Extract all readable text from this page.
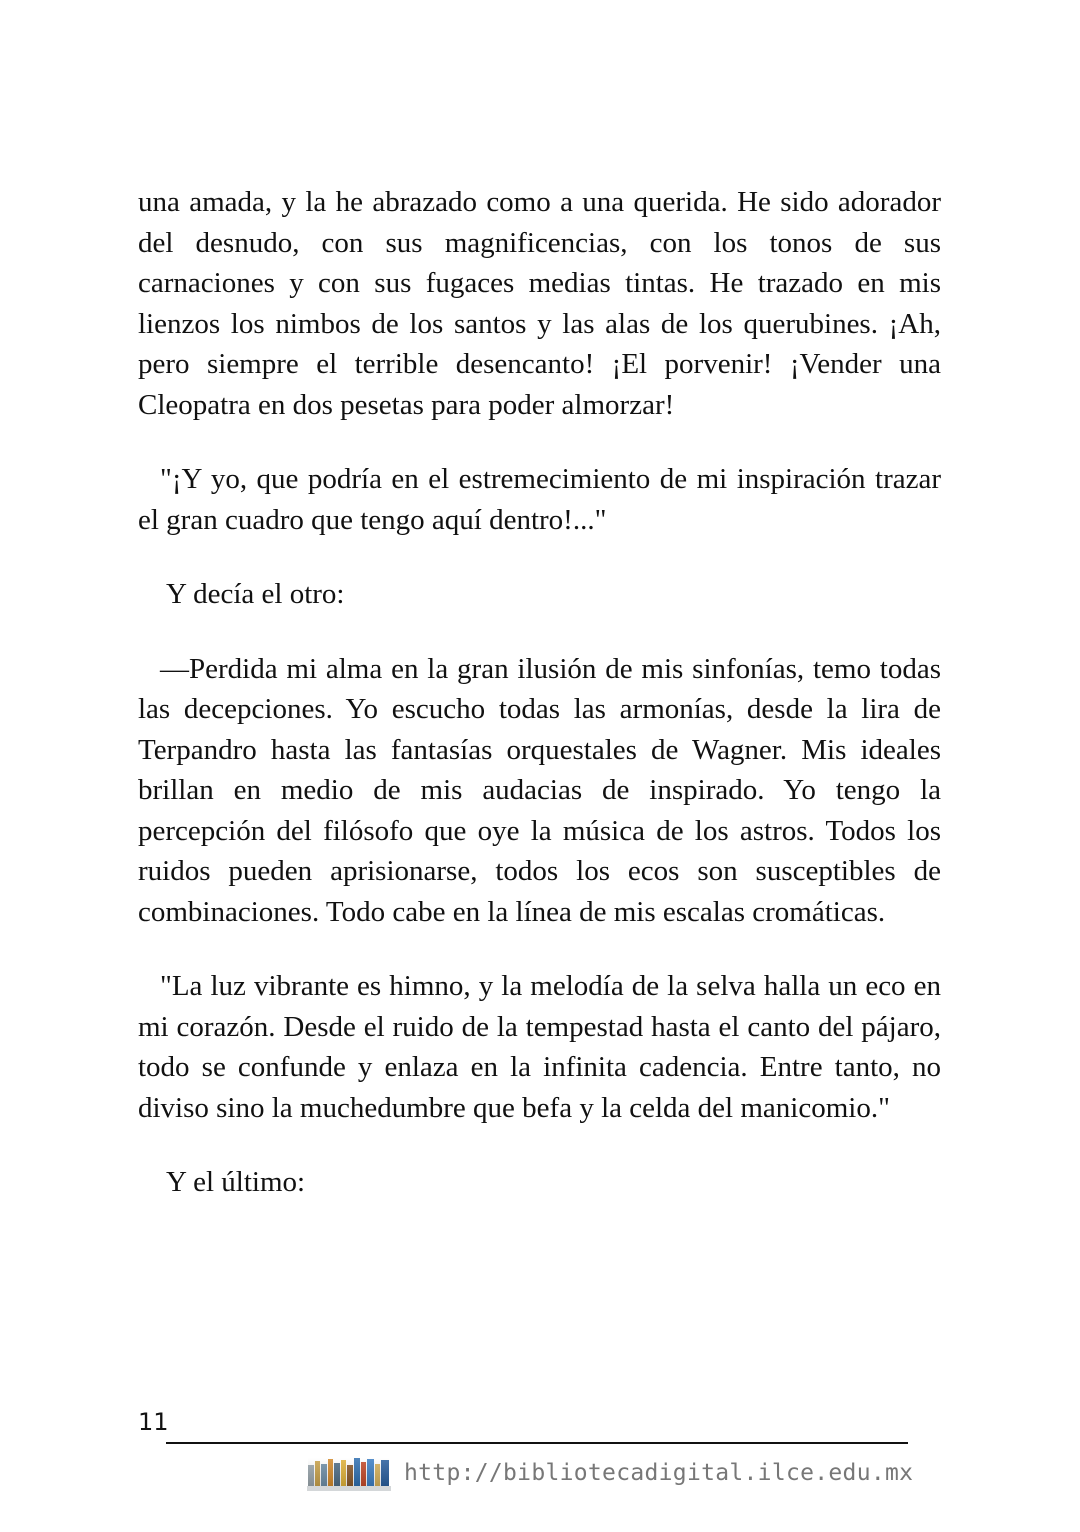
una amada, y la he abrazado como a una querida. He sido adorador del desnudo, con sus magnificencias, con los tonos de sus carnaciones y con sus fugaces medias tintas. He trazado en mis lienzos los nimbos de los santos y las alas de los querubines. ¡Ah, pero siempre el terrible desencanto! ¡El porvenir! ¡Vender una Cleopatra en dos pesetas para poder almorzar!

"¡Y yo, que podría en el estremecimiento de mi inspiración trazar el gran cuadro que tengo aquí dentro!..."

Y decía el otro:

—Perdida mi alma en la gran ilusión de mis sinfonías, temo todas las decepciones. Yo escucho todas las armonías, desde la lira de Terpandro hasta las fantasías orquestales de Wagner. Mis ideales brillan en medio de mis audacias de inspirado. Yo tengo la percepción del filósofo que oye la música de los astros. Todos los ruidos pueden aprisionarse, todos los ecos son susceptibles de combinaciones. Todo cabe en la línea de mis escalas cromáticas.

"La luz vibrante es himno, y la melodía de la selva halla un eco en mi corazón. Desde el ruido de la tempestad hasta el canto del pájaro, todo se confunde y enlaza en la infinita cadencia. Entre tanto, no diviso sino la muchedumbre que befa y la celda del manicomio."

Y el último:

11
http://bibliotecadigital.ilce.edu.mx
